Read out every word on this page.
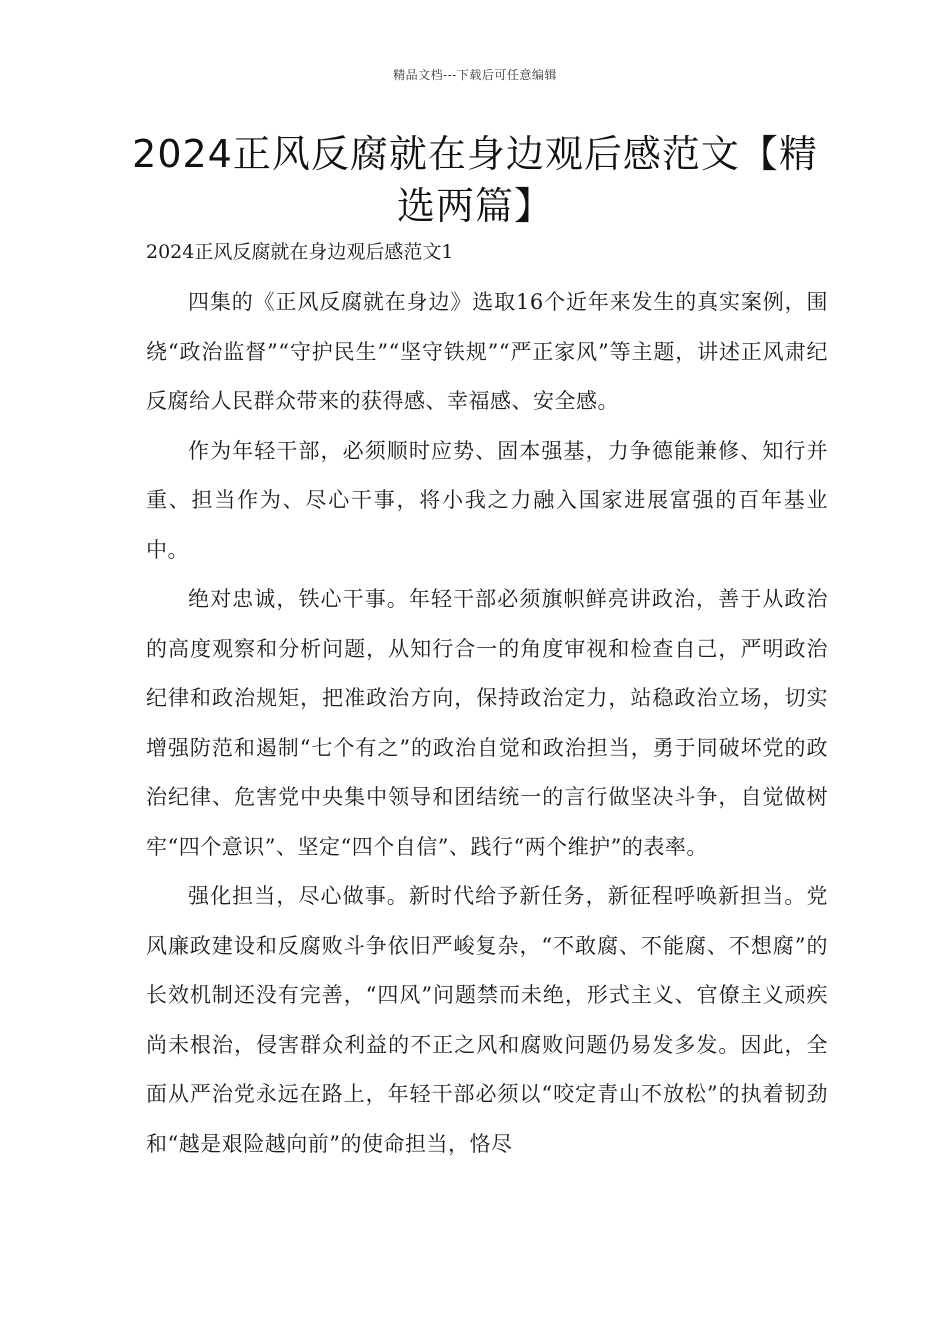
精品文档---下载后可任意编辑
2024正风反腐就在身边观后感范文【精选两篇】

2024正风反腐就在身边观后感范文1

四集的《正风反腐就在身边》选取16个近年来发生的真实案例，围绕“政治监督”“守护民生”“坚守铁规”“严正家风”等主题，讲述正风肃纪反腐给人民群众带来的获得感、幸福感、安全感。

作为年轻干部，必须顺时应势、固本强基，力争德能兼修、知行并重、担当作为、尽心干事，将小我之力融入国家进展富强的百年基业中。

绝对忠诚，铁心干事。年轻干部必须旗帜鲜亮讲政治，善于从政治的高度观察和分析问题，从知行合一的角度审视和检查自己，严明政治纪律和政治规矩，把准政治方向，保持政治定力，站稳政治立场，切实增强防范和遏制“七个有之”的政治自觉和政治担当，勇于同破坏党的政治纪律、危害党中央集中领导和团结统一的言行做坚决斗争，自觉做树牢“四个意识”、坚定“四个自信”、践行“两个维护”的表率。

强化担当，尽心做事。新时代给予新任务，新征程呼唤新担当。党风廉政建设和反腐败斗争依旧严峻复杂，“不敢腐、不能腐、不想腐”的长效机制还没有完善，“四风”问题禁而未绝，形式主义、官僚主义顽疾尚未根治，侵害群众利益的不正之风和腐败问题仍易发多发。因此，全面从严治党永远在路上，年轻干部必须以“咬定青山不放松”的执着韧劲和“越是艰险越向前”的使命担当，恪尽
